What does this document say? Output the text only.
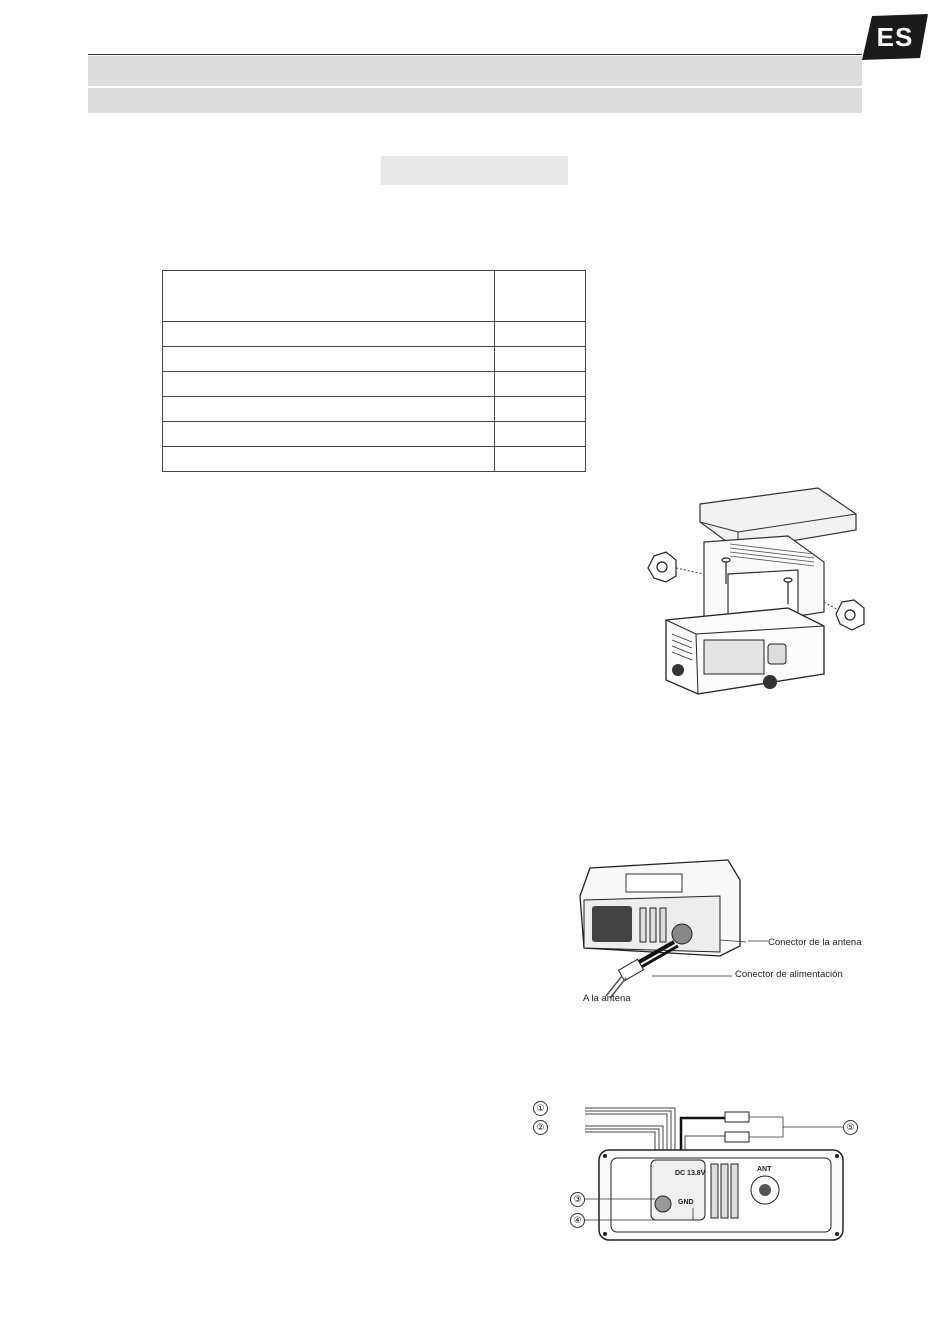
ES

Conector de la antena
Conector de alimentación
A la antena
DC 13.8V
GND
ANT
①
②
③
④
⑤
